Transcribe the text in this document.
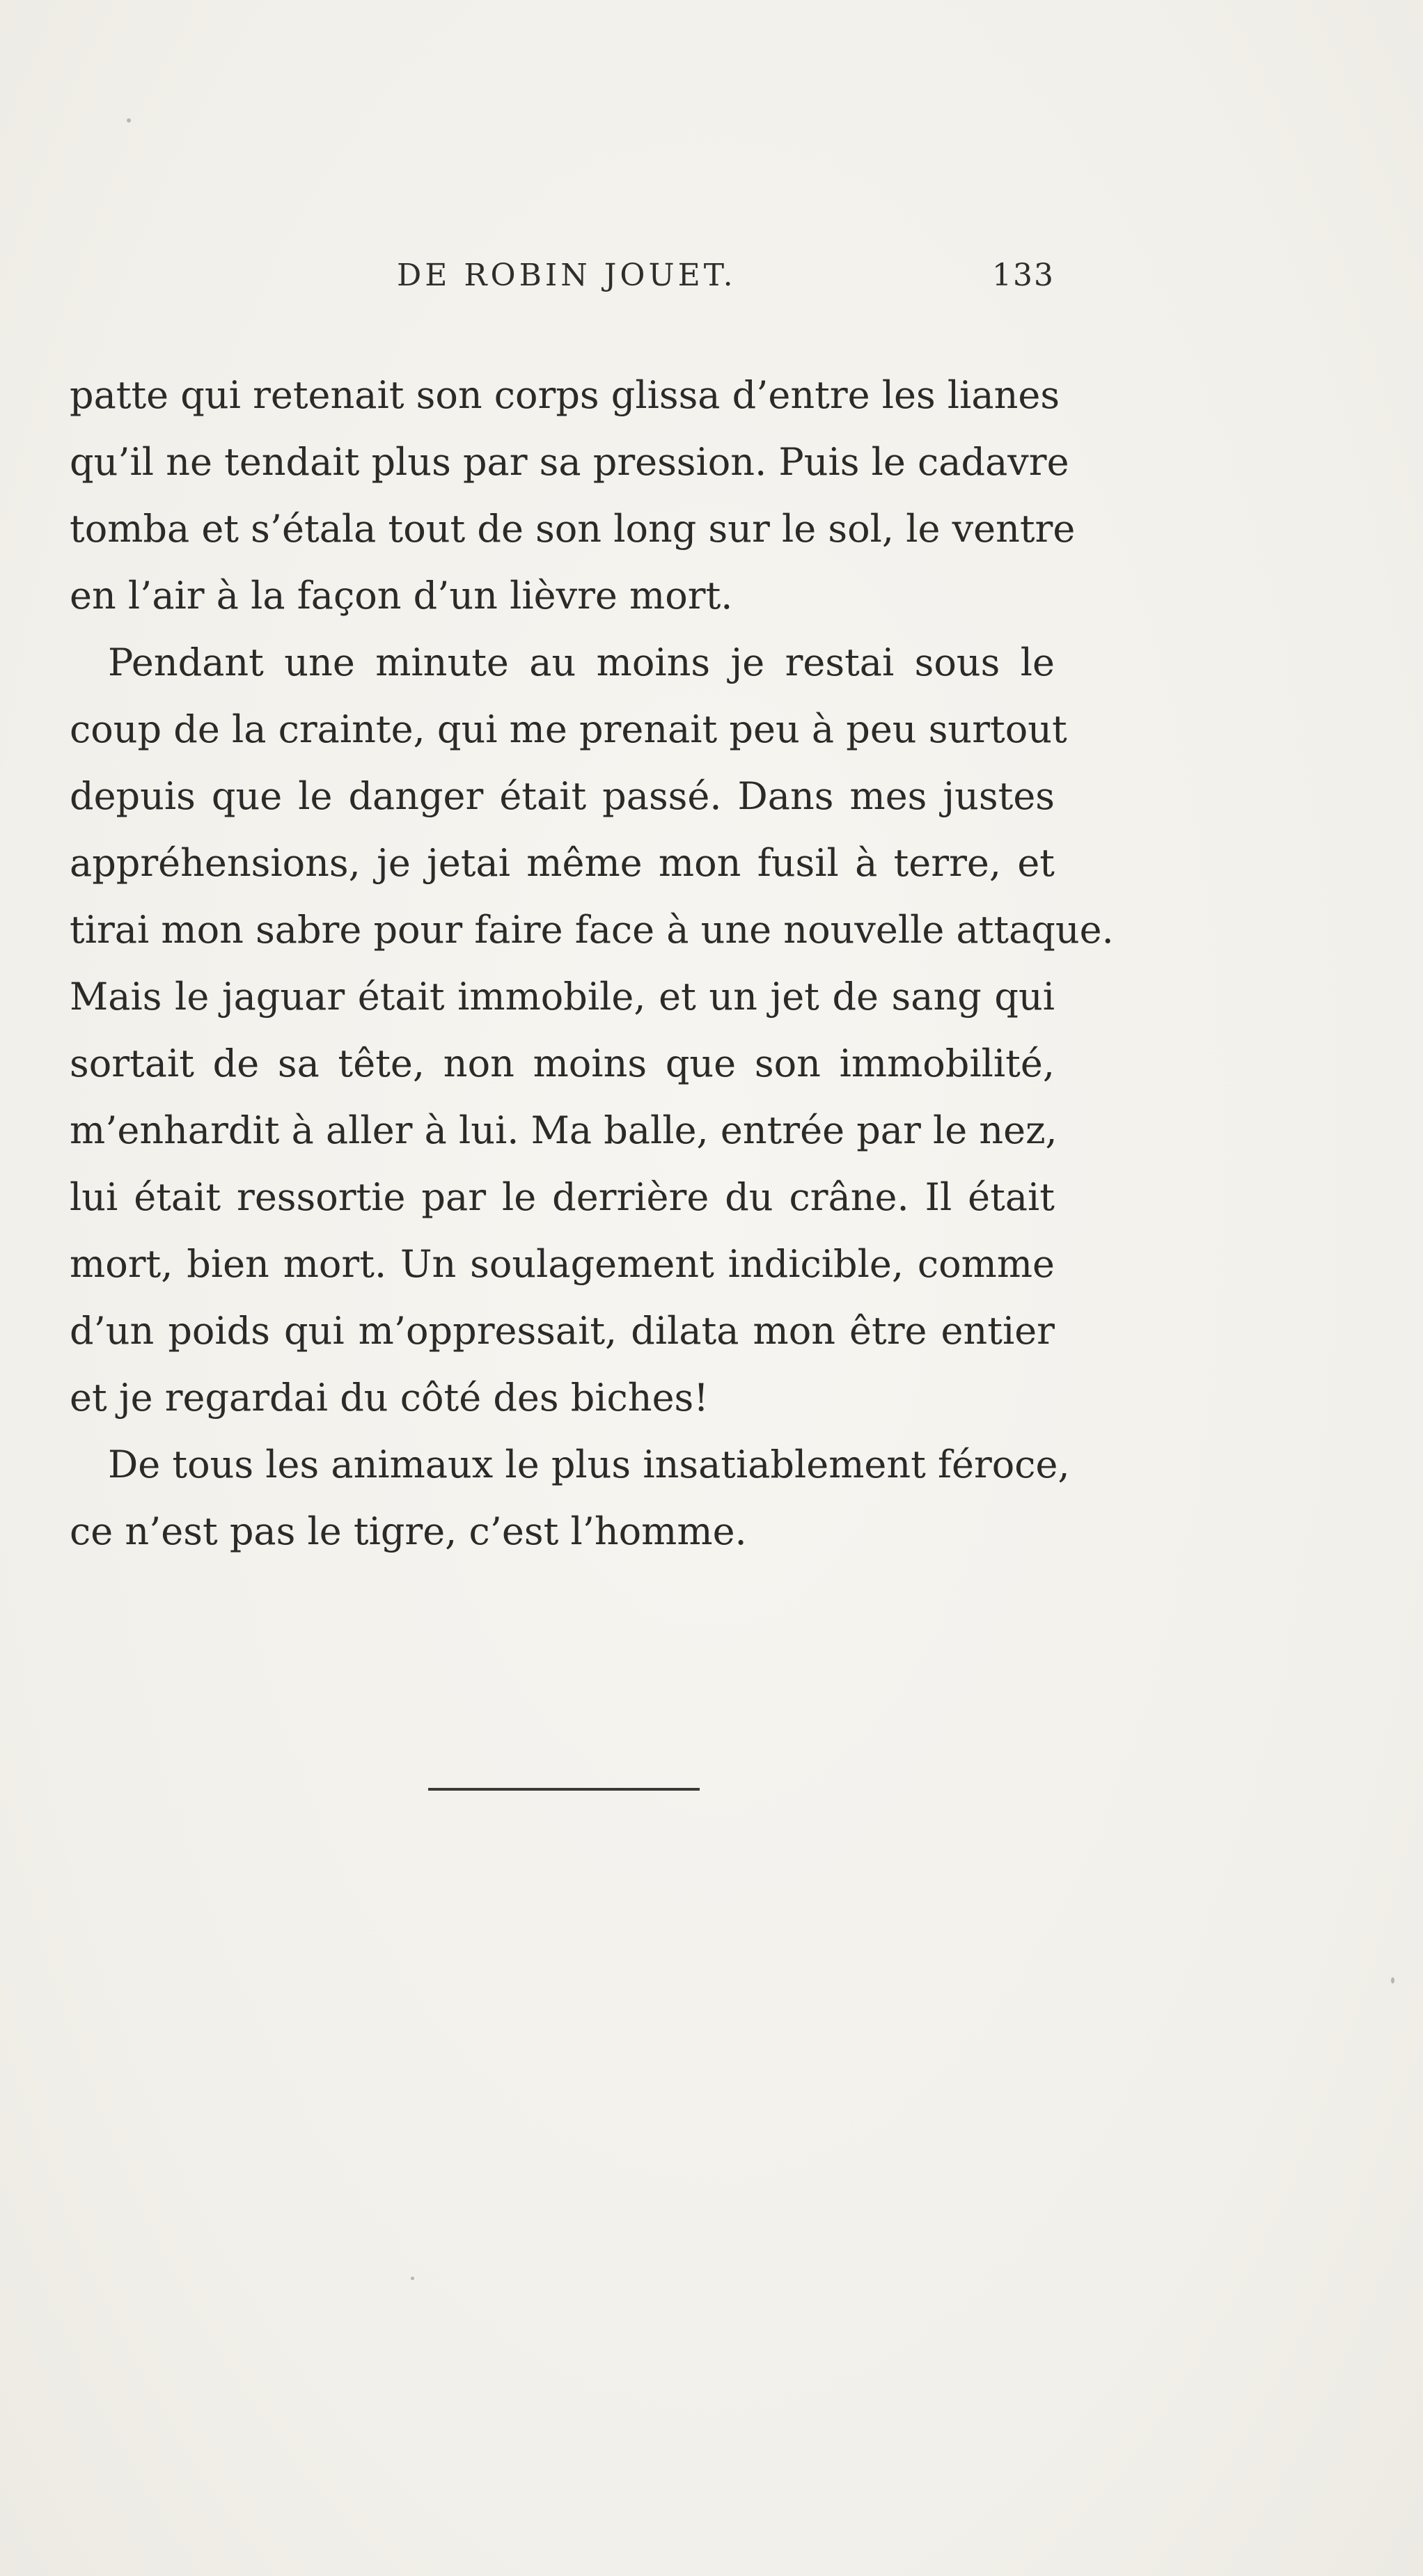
DE ROBIN JOUET.	133
patte qui retenait son corps glissa d’entre les lianes
qu’il ne tendait plus par sa pression. Puis le cadavre
tomba et s’étala tout de son long sur le sol, le ventre
en l’air à la façon d’un lièvre mort.
Pendant une minute au moins je restai sous le
coup de la crainte, qui me prenait peu à peu surtout
depuis que le danger était passé. Dans mes justes
appréhensions, je jetai même mon fusil à terre, et
tirai mon sabre pour faire face à une nouvelle attaque.
Mais le jaguar était immobile, et un jet de sang qui
sortait de sa tête, non moins que son immobilité,
m’enhardit à aller à lui. Ma balle, entrée par le nez,
lui était ressortie par le derrière du crâne. Il était
mort, bien mort. Un soulagement indicible, comme
d’un poids qui m’oppressait, dilata mon être entier
et je regardai du côté des biches!
De tous les animaux le plus insatiablement féroce,
ce n’est pas le tigre, c’est l’homme.
